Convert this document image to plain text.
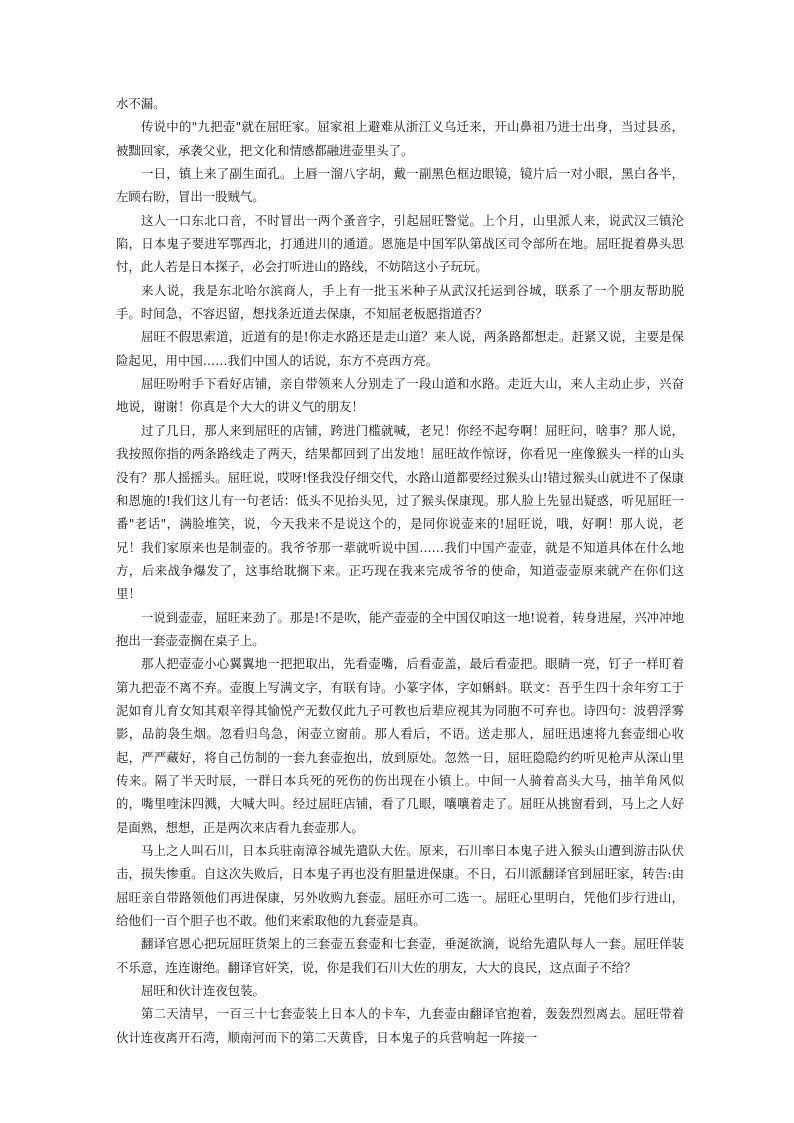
水不漏。

传说中的"九把壶"就在屈旺家。屈家祖上避难从浙江义乌迁来，开山鼻祖乃进士出身，当过县丞，被黜回家，承袭父业，把文化和情感都融进壶里头了。

一日，镇上来了副生面孔。上唇一溜八字胡，戴一副黑色框边眼镜，镜片后一对小眼，黑白各半，左顾右盼，冒出一股贼气。

这人一口东北口音，不时冒出一两个蚤音字，引起屈旺警觉。上个月，山里派人来，说武汉三镇沦陷，日本鬼子要进军鄂西北，打通进川的通道。恩施是中国军队第战区司令部所在地。屈旺捉着鼻头思忖，此人若是日本探子，必会打听进山的路线，不妨陪这小子玩玩。

来人说，我是东北哈尔滨商人，手上有一批玉米种子从武汉托运到谷城，联系了一个朋友帮助脱手。时间急，不容迟留，想找条近道去保康，不知屈老板愿指道否？

屈旺不假思索道，近道有的是!你走水路还是走山道？来人说，两条路都想走。赶紧又说，主要是保险起见，用中国……我们中国人的话说，东方不亮西方亮。

屈旺吩咐手下看好店铺，亲自带领来人分别走了一段山道和水路。走近大山，来人主动止步，兴奋地说，谢谢！你真是个大大的讲义气的朋友！

过了几日，那人来到屈旺的店铺，跨进门槛就喊，老兄！你经不起夸啊！屈旺问，啥事？那人说，我按照你指的两条路线走了两天，结果都回到了出发地！屈旺故作惊讶，你看见一座像猴头一样的山头没有？那人摇摇头。屈旺说，哎呀!怪我没仔细交代，水路山道都要经过猴头山!错过猴头山就进不了保康和恩施的!我们这儿有一句老话：低头不见抬头见，过了猴头保康现。那人脸上先显出疑惑，听见屈旺一番"老话"，满脸堆笑，说，今天我来不是说这个的，是同你说壶来的!屈旺说，哦，好啊！那人说，老兄！我们家原来也是制壶的。我爷爷那一辈就听说中国……我们中国产壶壶，就是不知道具体在什么地方，后来战争爆发了，这事给耽搁下来。正巧现在我来完成爷爷的使命，知道壶壶原来就产在你们这里！

一说到壶壶，屈旺来劲了。那是!不是吹，能产壶壶的全中国仅咱这一地!说着，转身进屋，兴冲冲地抱出一套壶壶搁在桌子上。

那人把壶壶小心翼翼地一把把取出，先看壶嘴，后看壶盖，最后看壶把。眼睛一亮，钉子一样盯着第九把壶不离不弃。壶腹上写满文字，有联有诗。小篆字体，字如蝌蚪。联文：吾乎生四十余年穷工于泥如育儿育女知其艰辛得其愉悦产无数仅此九子可教也后辈应视其为同胞不可弃也。诗四句：波碧浮雾影，品韵袅生烟。忽看归鸟急，闲壶立窗前。那人看后，不语。送走那人，屈旺迅速将九套壶细心收起，严严藏好，将自己仿制的一套九套壶抱出，放到原处。忽然一日，屈旺隐隐约约听见枪声从深山里传来。隔了半天时辰，一群日本兵死的死伤的伤出现在小镇上。中间一人骑着高头大马，抽羊角风似的，嘴里喹沫四溅，大喊大叫。经过屈旺店铺，看了几眼，嚷嚷着走了。屈旺从挑窗看到，马上之人好是面熟，想想，正是两次来店看九套壶那人。

马上之人叫石川，日本兵驻南漳谷城先遣队大佐。原来，石川率日本鬼子进入猴头山遭到游击队伏击，损失惨重。自这次失败后，日本鬼子再也没有胆量进保康。不日，石川派翻译官到屈旺家，转告:由屈旺亲自带路领他们再进保康，另外收购九套壶。屈旺亦可二选一。屈旺心里明白，凭他们步行进山，给他们一百个胆子也不敢。他们来索取他的九套壶是真。

翻译官恩心把玩屈旺货架上的三套壶五套壶和七套壶，垂涎欲滴，说给先遣队每人一套。屈旺佯装不乐意，连连谢绝。翻译官奸笑，说，你是我们石川大佐的朋友，大大的良民，这点面子不给？

屈旺和伙计连夜包装。

第二天清早，一百三十七套壶装上日本人的卡车，九套壶由翻译官抱着，轰轰烈烈离去。屈旺带着伙计连夜离开石湾，顺南河而下的第二天黄昏，日本鬼子的兵营响起一阵接一
